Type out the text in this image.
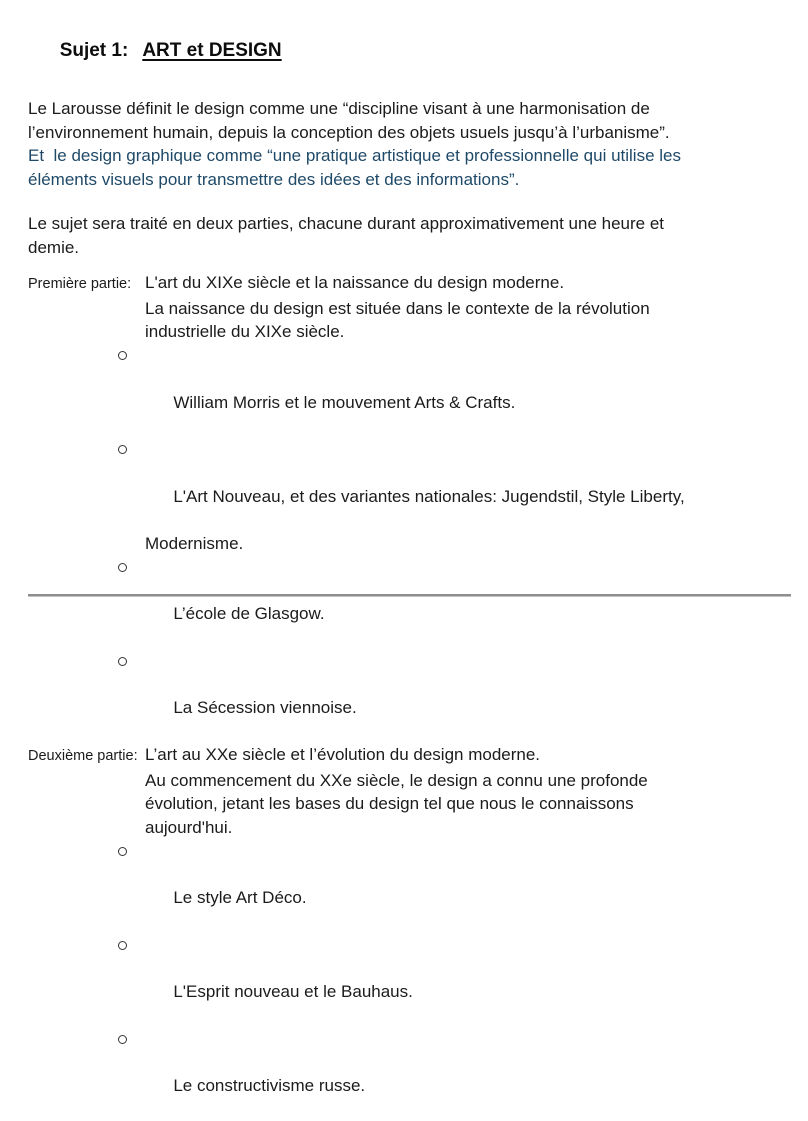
Sujet 1: ART et DESIGN

Le Larousse définit le design comme une “discipline visant à une harmonisation de
l’environnement humain, depuis la conception des objets usuels jusqu’à l’urbanisme”.
Et  le design graphique comme “une pratique artistique et professionnelle qui utilise les
éléments visuels pour transmettre des idées et des informations”.
Le sujet sera traité en deux parties, chacune durant approximativement une heure et
demie.
Première partie: L'art du XIXe siècle et la naissance du design moderne.
La naissance du design est située dans le contexte de la révolution
industrielle du XIXe siècle.

William Morris et le mouvement Arts & Crafts.

L'Art Nouveau, et des variantes nationales: Jugendstil, Style Liberty,

Modernisme.

L’école de Glasgow.

La Sécession viennoise.

Deuxième partie: L’art au XXe siècle et l’évolution du design moderne.
Au commencement du XXe siècle, le design a connu une profonde
évolution, jetant les bases du design tel que nous le connaissons
aujourd'hui.

Le style Art Déco.

L'Esprit nouveau et le Bauhaus.

Le constructivisme russe.
